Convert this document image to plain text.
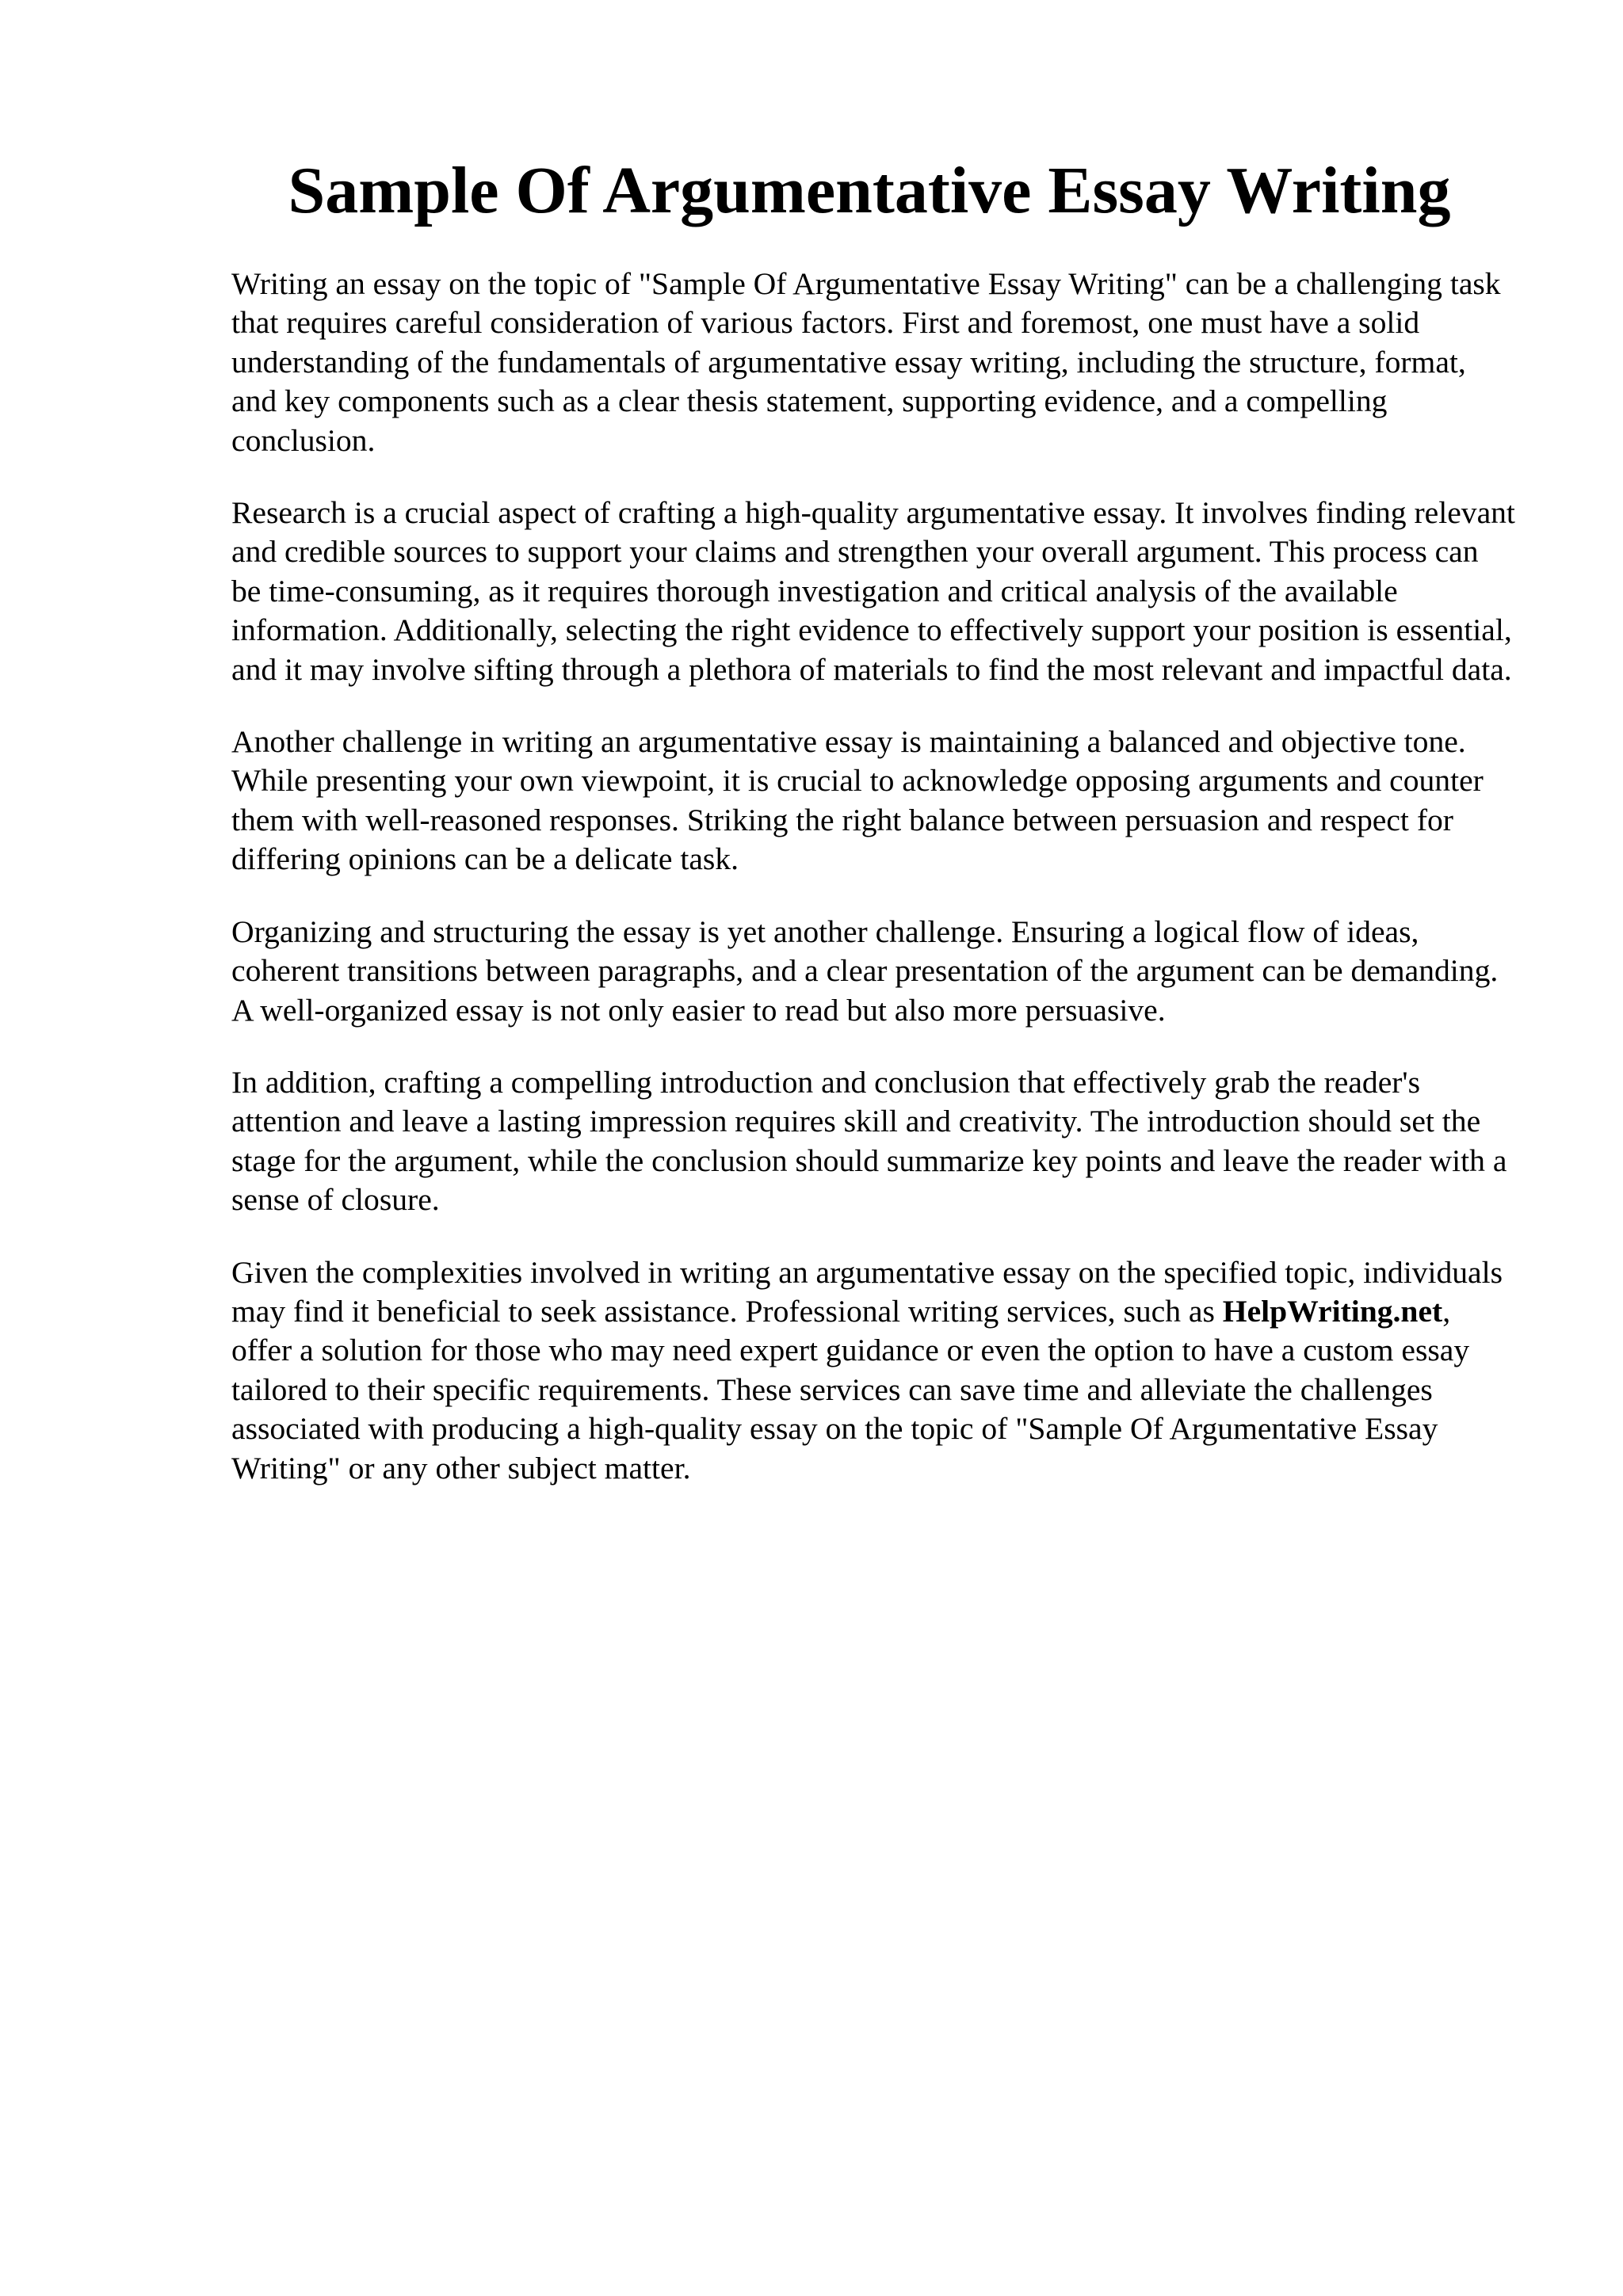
Sample Of Argumentative Essay Writing

Writing an essay on the topic of "Sample Of Argumentative Essay Writing" can be a challenging task that requires careful consideration of various factors. First and foremost, one must have a solid understanding of the fundamentals of argumentative essay writing, including the structure, format, and key components such as a clear thesis statement, supporting evidence, and a compelling conclusion.

Research is a crucial aspect of crafting a high-quality argumentative essay. It involves finding relevant and credible sources to support your claims and strengthen your overall argument. This process can be time-consuming, as it requires thorough investigation and critical analysis of the available information. Additionally, selecting the right evidence to effectively support your position is essential, and it may involve sifting through a plethora of materials to find the most relevant and impactful data.

Another challenge in writing an argumentative essay is maintaining a balanced and objective tone. While presenting your own viewpoint, it is crucial to acknowledge opposing arguments and counter them with well-reasoned responses. Striking the right balance between persuasion and respect for differing opinions can be a delicate task.

Organizing and structuring the essay is yet another challenge. Ensuring a logical flow of ideas, coherent transitions between paragraphs, and a clear presentation of the argument can be demanding. A well-organized essay is not only easier to read but also more persuasive.

In addition, crafting a compelling introduction and conclusion that effectively grab the reader's attention and leave a lasting impression requires skill and creativity. The introduction should set the stage for the argument, while the conclusion should summarize key points and leave the reader with a sense of closure.

Given the complexities involved in writing an argumentative essay on the specified topic, individuals may find it beneficial to seek assistance. Professional writing services, such as HelpWriting.net, offer a solution for those who may need expert guidance or even the option to have a custom essay tailored to their specific requirements. These services can save time and alleviate the challenges associated with producing a high-quality essay on the topic of "Sample Of Argumentative Essay Writing" or any other subject matter.
